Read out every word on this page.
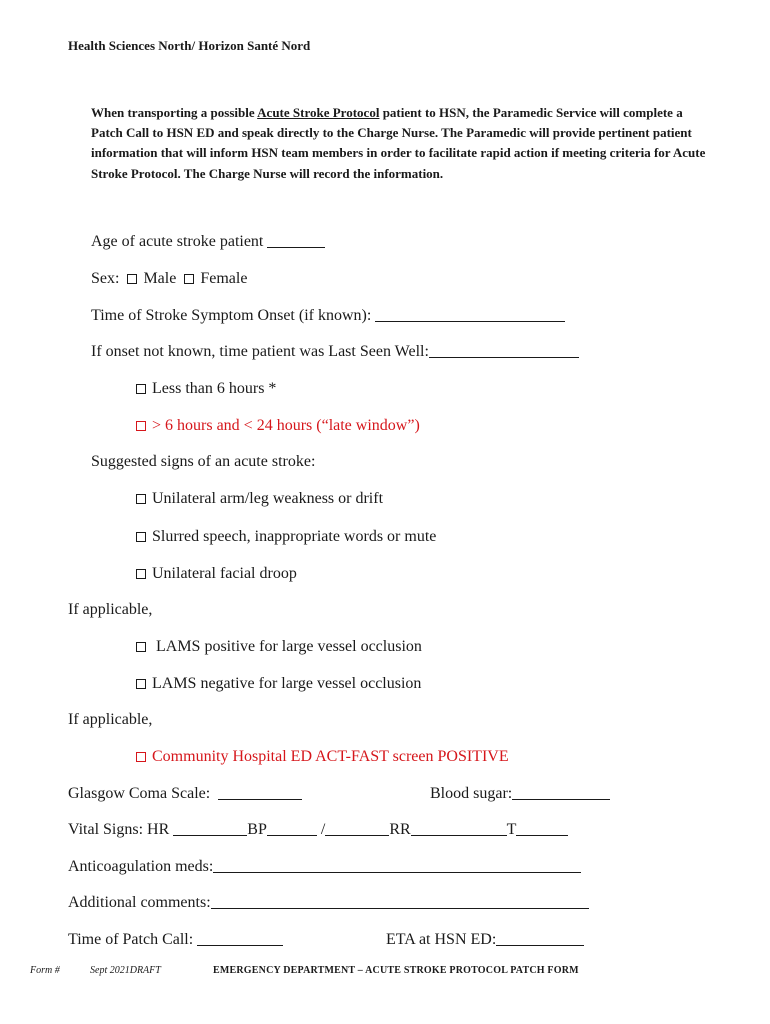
Health Sciences North/ Horizon Santé Nord
When transporting a possible Acute Stroke Protocol patient to HSN, the Paramedic Service will complete a Patch Call to HSN ED and speak directly to the Charge Nurse. The Paramedic will provide pertinent patient information that will inform HSN team members in order to facilitate rapid action if meeting criteria for Acute Stroke Protocol. The Charge Nurse will record the information.
Age of acute stroke patient
Sex: Male Female
Time of Stroke Symptom Onset (if known):
If onset not known, time patient was Last Seen Well:
Less than 6 hours *
> 6 hours and < 24 hours (“late window”)
Suggested signs of an acute stroke:
Unilateral arm/leg weakness or drift
Slurred speech, inappropriate words or mute
Unilateral facial droop
If applicable,
LAMS positive for large vessel occlusion
LAMS negative for large vessel occlusion
If applicable,
Community Hospital ED ACT-FAST screen POSITIVE
Glasgow Coma Scale:	Blood sugar:
Vital Signs: HR	BP	/	RR	T
Anticoagulation meds:
Additional comments:
Time of Patch Call:	ETA at HSN ED:
Form #	Sept 2021DRAFT	EMERGENCY DEPARTMENT – ACUTE STROKE PROTOCOL PATCH FORM
